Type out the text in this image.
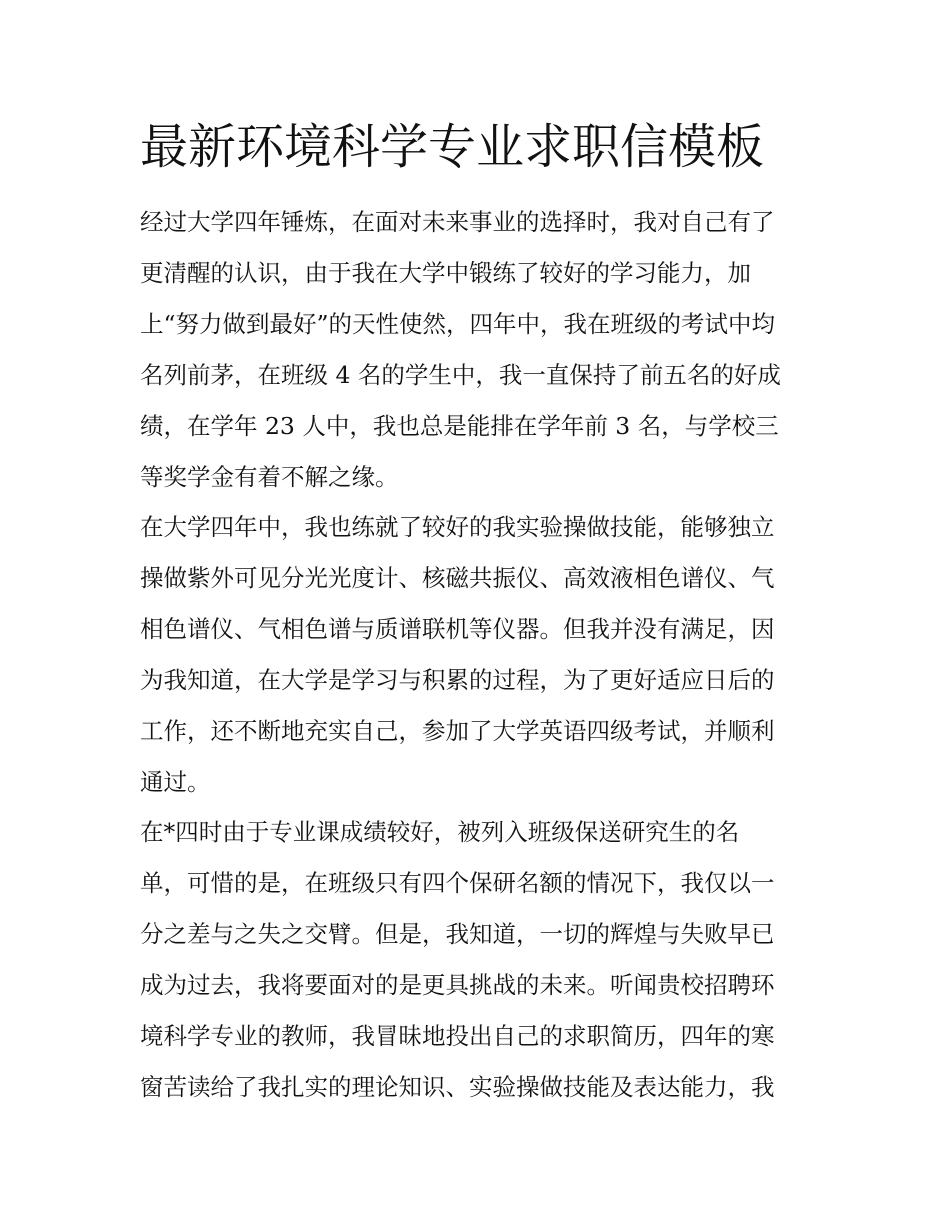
最新环境科学专业求职信模板

经过大学四年锤炼，在面对未来事业的选择时，我对自己有了

更清醒的认识，由于我在大学中锻练了较好的学习能力，加

上“努力做到最好”的天性使然，四年中，我在班级的考试中均

名列前茅，在班级 4 名的学生中，我一直保持了前五名的好成

绩，在学年 23 人中，我也总是能排在学年前 3 名，与学校三

等奖学金有着不解之缘。

在大学四年中，我也练就了较好的我实验操做技能，能够独立

操做紫外可见分光光度计、核磁共振仪、高效液相色谱仪、气

相色谱仪、气相色谱与质谱联机等仪器。但我并没有满足，因

为我知道，在大学是学习与积累的过程，为了更好适应日后的

工作，还不断地充实自己，参加了大学英语四级考试，并顺利

通过。

在*四时由于专业课成绩较好，被列入班级保送研究生的名

单，可惜的是，在班级只有四个保研名额的情况下，我仅以一

分之差与之失之交臂。但是，我知道，一切的辉煌与失败早已

成为过去，我将要面对的是更具挑战的未来。听闻贵校招聘环

境科学专业的教师，我冒昧地投出自己的求职简历，四年的寒

窗苦读给了我扎实的理论知识、实验操做技能及表达能力，我
